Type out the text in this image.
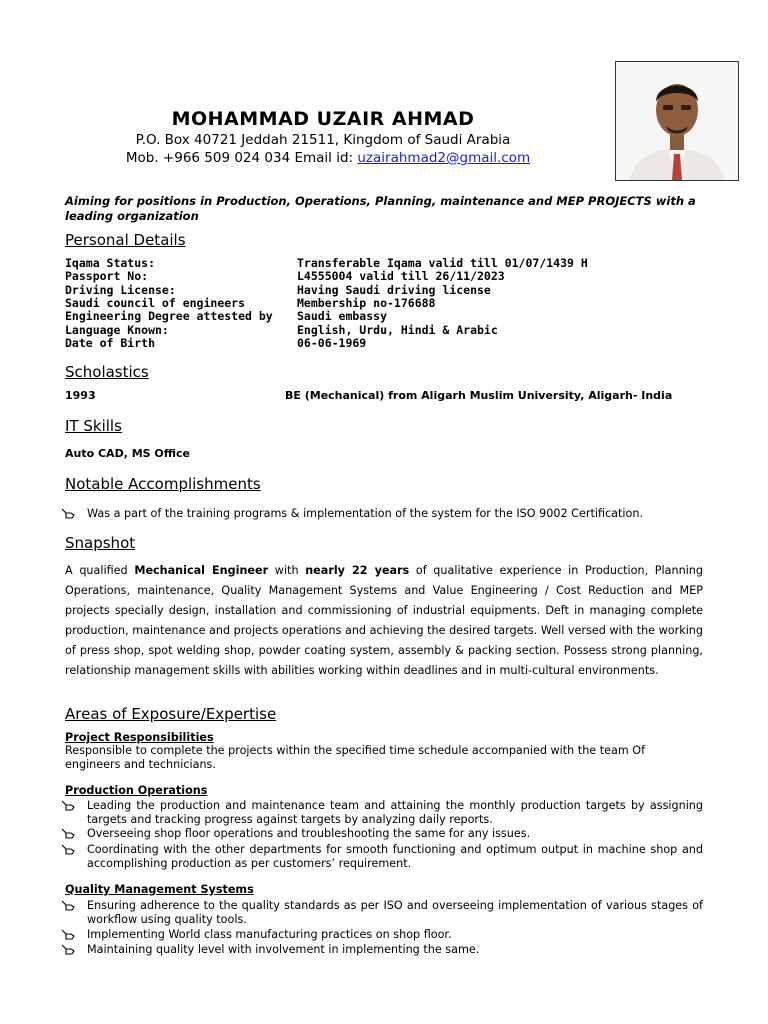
MOHAMMAD UZAIR AHMAD
P.O. Box 40721 Jeddah 21511, Kingdom of Saudi Arabia
Mob. +966 509 024 034 Email id: uzairahmad2@gmail.com
Aiming for positions in Production, Operations, Planning, maintenance and MEP PROJECTS with a leading organization
Personal Details
Iqama Status:	Transferable Iqama valid till 01/07/1439 H
Passport No:	L4555004 valid till 26/11/2023
Driving License:	Having Saudi driving license
Saudi council of engineers	Membership no-176688
Engineering Degree attested by	Saudi embassy
Language Known:	English, Urdu, Hindi & Arabic
Date of Birth	06-06-1969
Scholastics
1993	BE (Mechanical) from Aligarh Muslim University, Aligarh- India
IT Skills
Auto CAD, MS Office
Notable Accomplishments
Was a part of the training programs & implementation of the system for the ISO 9002 Certification.
Snapshot
A qualified Mechanical Engineer with nearly 22 years of qualitative experience in Production, Planning Operations, maintenance, Quality Management Systems and Value Engineering / Cost Reduction and MEP projects specially design, installation and commissioning of industrial equipments. Deft in managing complete production, maintenance and projects operations and achieving the desired targets. Well versed with the working of press shop, spot welding shop, powder coating system, assembly & packing section. Possess strong planning, relationship management skills with abilities working within deadlines and in multi-cultural environments.
Areas of Exposure/Expertise
Project Responsibilities
Responsible to complete the projects within the specified time schedule accompanied with the team Of engineers and technicians.
Production Operations
Leading the production and maintenance team and attaining the monthly production targets by assigning targets and tracking progress against targets by analyzing daily reports.
Overseeing shop floor operations and troubleshooting the same for any issues.
Coordinating with the other departments for smooth functioning and optimum output in machine shop and accomplishing production as per customers’ requirement.
Quality Management Systems
Ensuring adherence to the quality standards as per ISO and overseeing implementation of various stages of workflow using quality tools.
Implementing World class manufacturing practices on shop floor.
Maintaining quality level with involvement in implementing the same.
